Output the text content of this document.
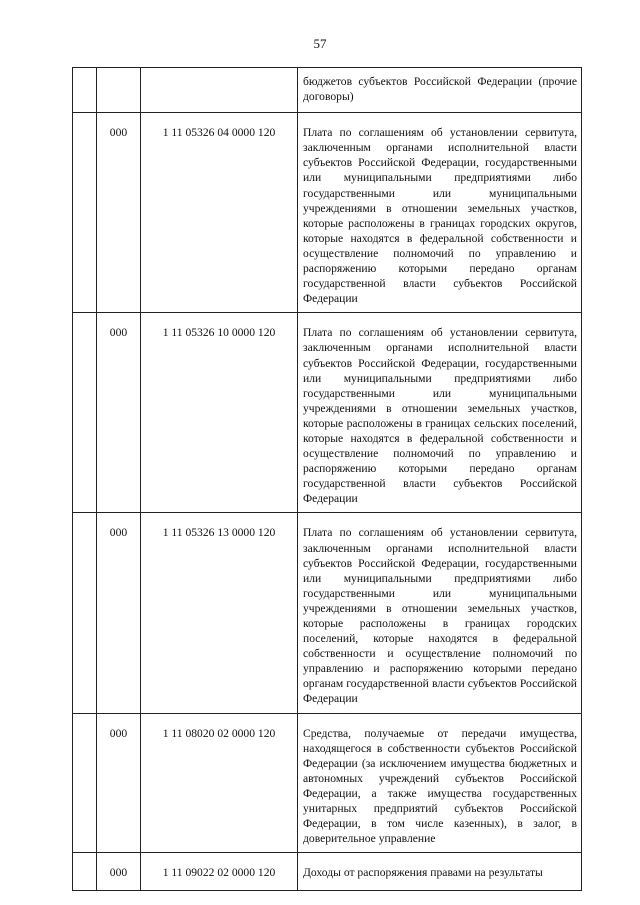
57

			бюджетов субъектов Российской Федерации (прочие договоры)

	000	1 11 05326 04 0000 120	Плата по соглашениям об установлении сервитута, заключенным органами исполнительной власти субъектов Российской Федерации, государственными или муниципальными предприятиями либо государственными или муниципальными учреждениями в отношении земельных участков, которые расположены в границах городских округов, которые находятся в федеральной собственности и осуществление полномочий по управлению и распоряжению которыми передано органам государственной власти субъектов Российской Федерации

	000	1 11 05326 10 0000 120	Плата по соглашениям об установлении сервитута, заключенным органами исполнительной власти субъектов Российской Федерации, государственными или муниципальными предприятиями либо государственными или муниципальными учреждениями в отношении земельных участков, которые расположены в границах сельских поселений, которые находятся в федеральной собственности и осуществление полномочий по управлению и распоряжению которыми передано органам государственной власти субъектов Российской Федерации

	000	1 11 05326 13 0000 120	Плата по соглашениям об установлении сервитута, заключенным органами исполнительной власти субъектов Российской Федерации, государственными или муниципальными предприятиями либо государственными или муниципальными учреждениями в отношении земельных участков, которые расположены в границах городских поселений, которые находятся в федеральной собственности и осуществление полномочий по управлению и распоряжению которыми передано органам государственной власти субъектов Российской Федерации

	000	1 11 08020 02 0000 120	Средства, получаемые от передачи имущества, находящегося в собственности субъектов Российской Федерации (за исключением имущества бюджетных и автономных учреждений субъектов Российской Федерации, а также имущества государственных унитарных предприятий субъектов Российской Федерации, в том числе казенных), в залог, в доверительное управление

	000	1 11 09022 02 0000 120	Доходы от распоряжения правами на результаты
